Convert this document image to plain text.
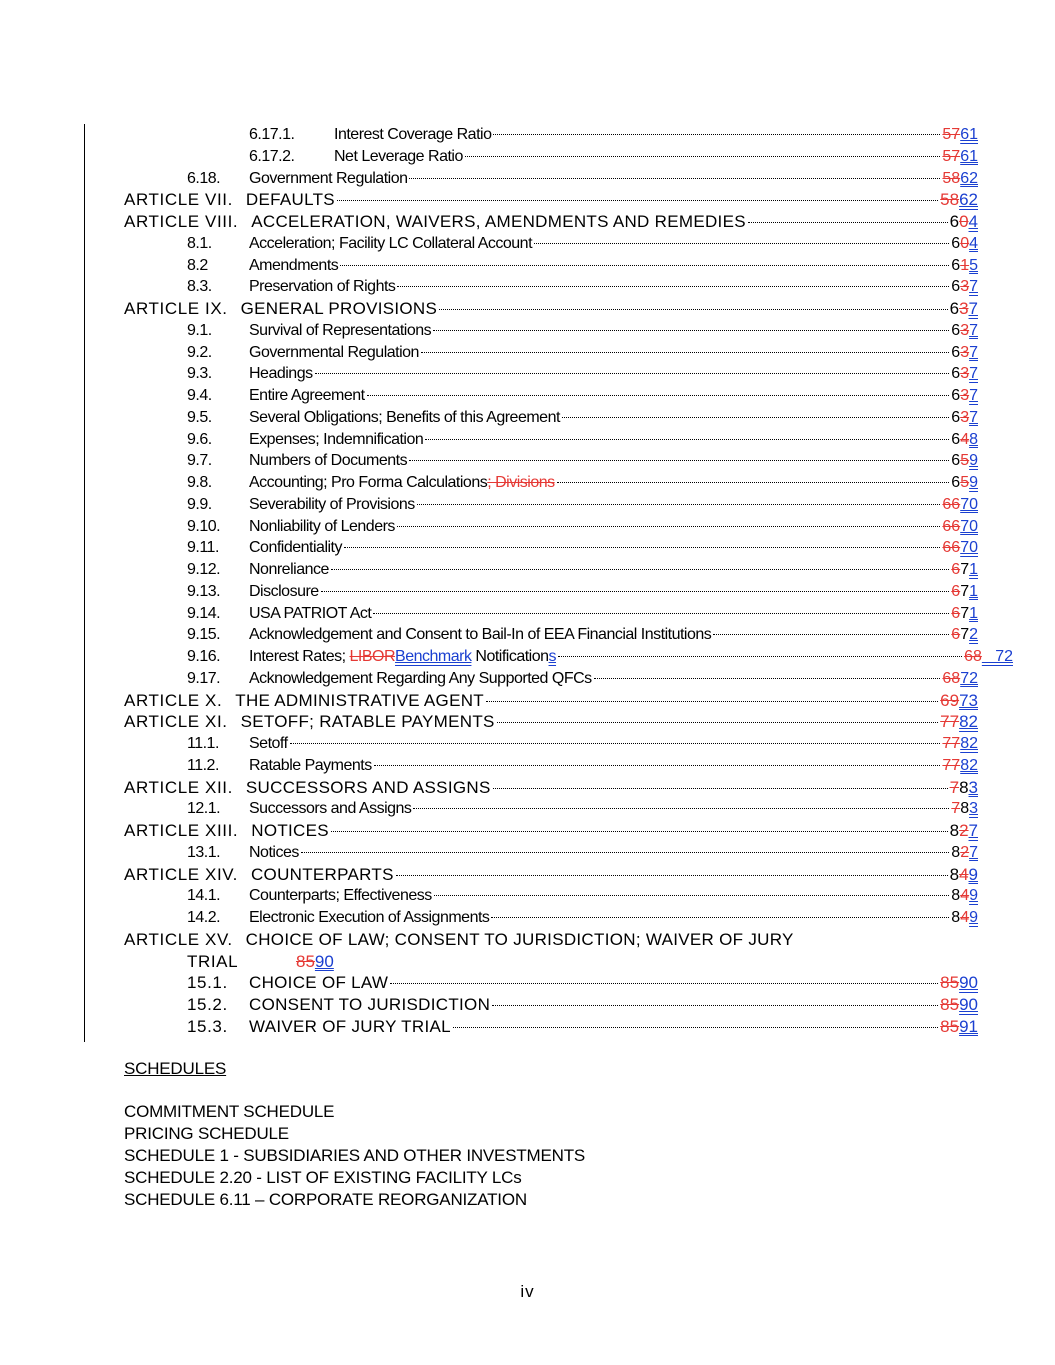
6.17.1.	Interest Coverage Ratio	5761
6.17.2.	Net Leverage Ratio	5761
6.18.	Government Regulation	5862
ARTICLE VII. DEFAULTS	5862
ARTICLE VIII. ACCELERATION, WAIVERS, AMENDMENTS AND REMEDIES	604
8.1.	Acceleration; Facility LC Collateral Account	604
8.2	Amendments	615
8.3.	Preservation of Rights	637
ARTICLE IX. GENERAL PROVISIONS	637
9.1.	Survival of Representations	637
9.2.	Governmental Regulation	637
9.3.	Headings	637
9.4.	Entire Agreement	637
9.5.	Several Obligations; Benefits of this Agreement	637
9.6.	Expenses; Indemnification	648
9.7.	Numbers of Documents	659
9.8.	Accounting; Pro Forma Calculations; Divisions	659
9.9.	Severability of Provisions	6670
9.10.	Nonliability of Lenders	6670
9.11.	Confidentiality	6670
9.12.	Nonreliance	671
9.13.	Disclosure	671
9.14.	USA PATRIOT Act	671
9.15.	Acknowledgement and Consent to Bail-In of EEA Financial Institutions	672
9.16.	Interest Rates; LIBORBenchmark Notifications	68   72
9.17.	Acknowledgement Regarding Any Supported QFCs	6872
ARTICLE X. THE ADMINISTRATIVE AGENT	6973
ARTICLE XI. SETOFF; RATABLE PAYMENTS	7782
11.1.	Setoff	7782
11.2.	Ratable Payments	7782
ARTICLE XII. SUCCESSORS AND ASSIGNS	783
12.1.	Successors and Assigns	783
ARTICLE XIII. NOTICES	827
13.1.	Notices	827
ARTICLE XIV. COUNTERPARTS	849
14.1.	Counterparts; Effectiveness	849
14.2.	Electronic Execution of Assignments	849
ARTICLE XV. CHOICE OF LAW; CONSENT TO JURISDICTION; WAIVER OF JURY
TRIAL	8590
15.1.	CHOICE OF LAW	8590
15.2.	CONSENT TO JURISDICTION	8590
15.3.	WAIVER OF JURY TRIAL	8591
SCHEDULES
COMMITMENT SCHEDULE
PRICING SCHEDULE
SCHEDULE 1 - SUBSIDIARIES AND OTHER INVESTMENTS
SCHEDULE 2.20 - LIST OF EXISTING FACILITY LCs
SCHEDULE 6.11 – CORPORATE REORGANIZATION
iv
